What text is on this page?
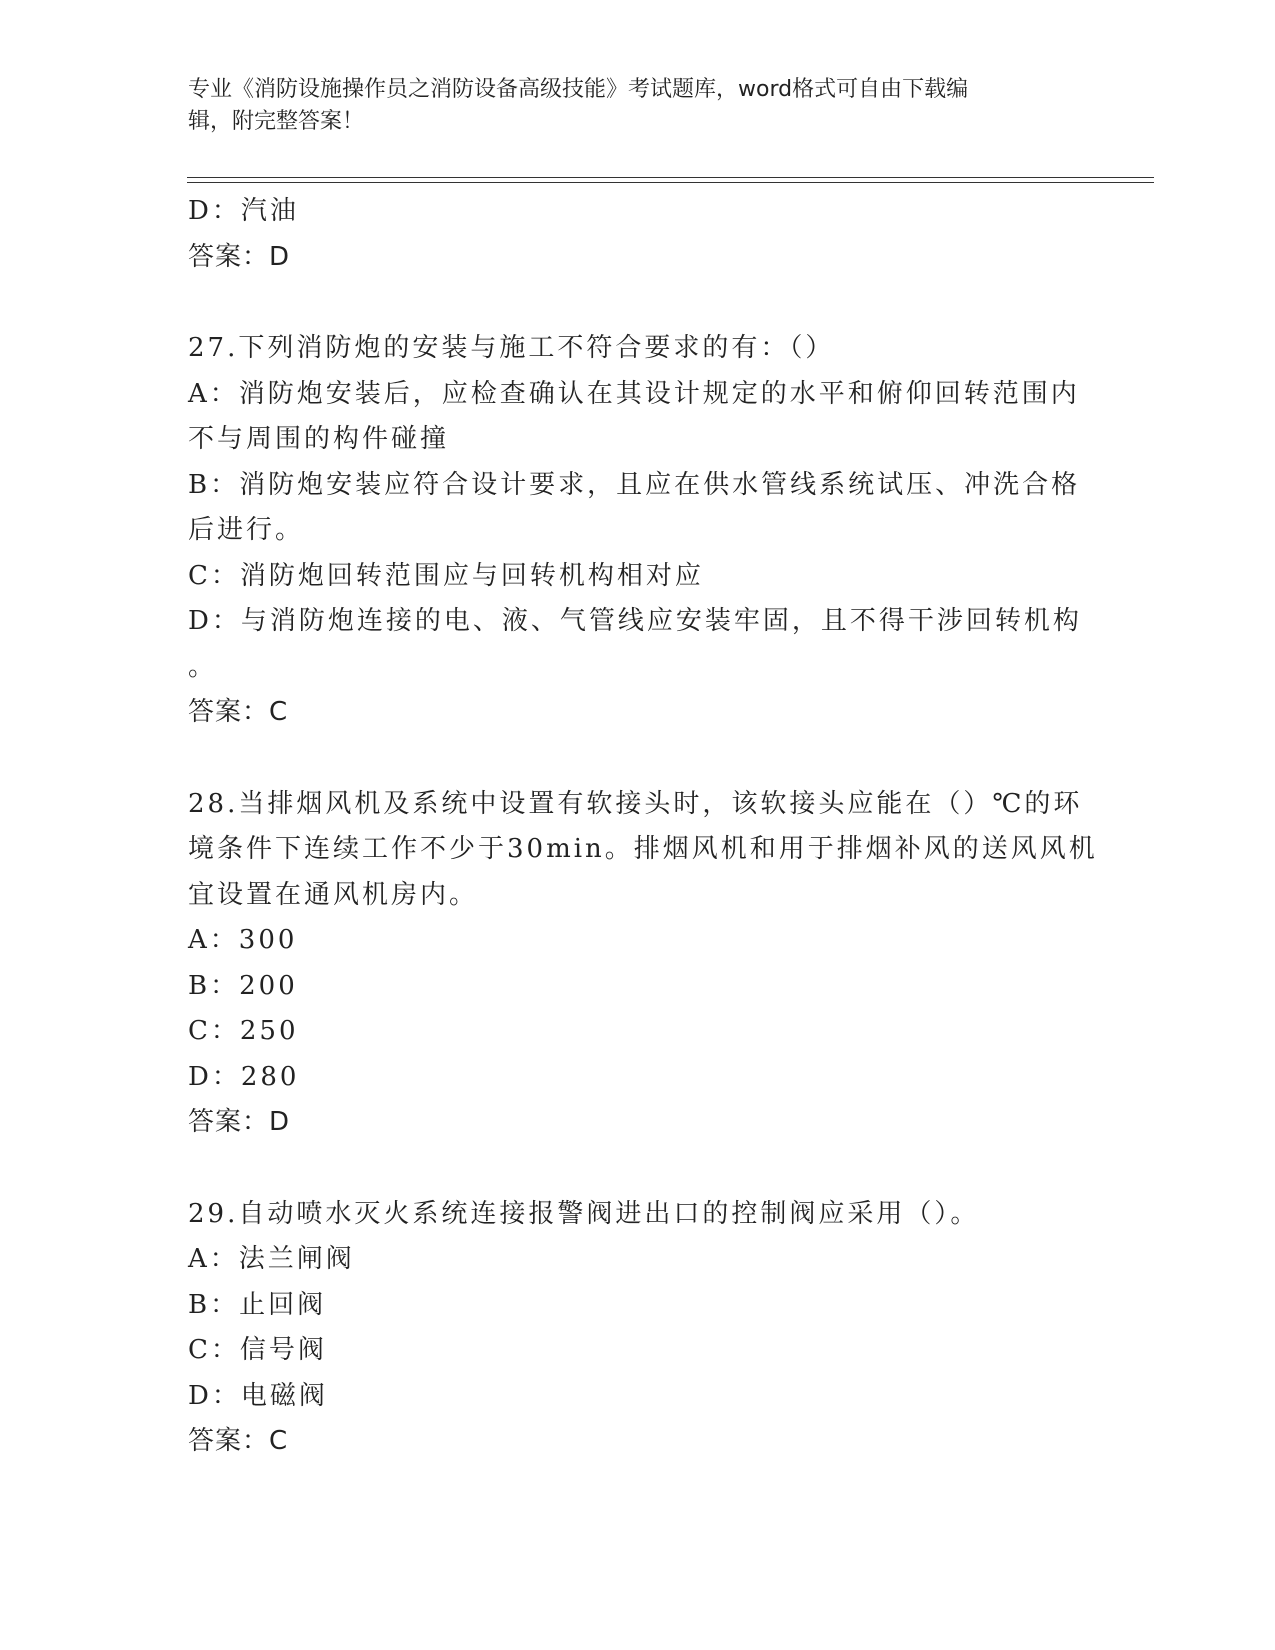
专业《消防设施操作员之消防设备高级技能》考试题库，word格式可自由下载编
辑，附完整答案！
D：汽油
答案：D
27.下列消防炮的安装与施工不符合要求的有：（）
A：消防炮安装后，应检查确认在其设计规定的水平和俯仰回转范围内
不与周围的构件碰撞
B：消防炮安装应符合设计要求，且应在供水管线系统试压、冲洗合格
后进行。
C：消防炮回转范围应与回转机构相对应
D：与消防炮连接的电、液、气管线应安装牢固，且不得干涉回转机构
。
答案：C
28.当排烟风机及系统中设置有软接头时，该软接头应能在（）℃的环
境条件下连续工作不少于30min。排烟风机和用于排烟补风的送风风机
宜设置在通风机房内。
A：300
B：200
C：250
D：280
答案：D
29.自动喷水灭火系统连接报警阀进出口的控制阀应采用（）。
A：法兰闸阀
B：止回阀
C：信号阀
D：电磁阀
答案：C
